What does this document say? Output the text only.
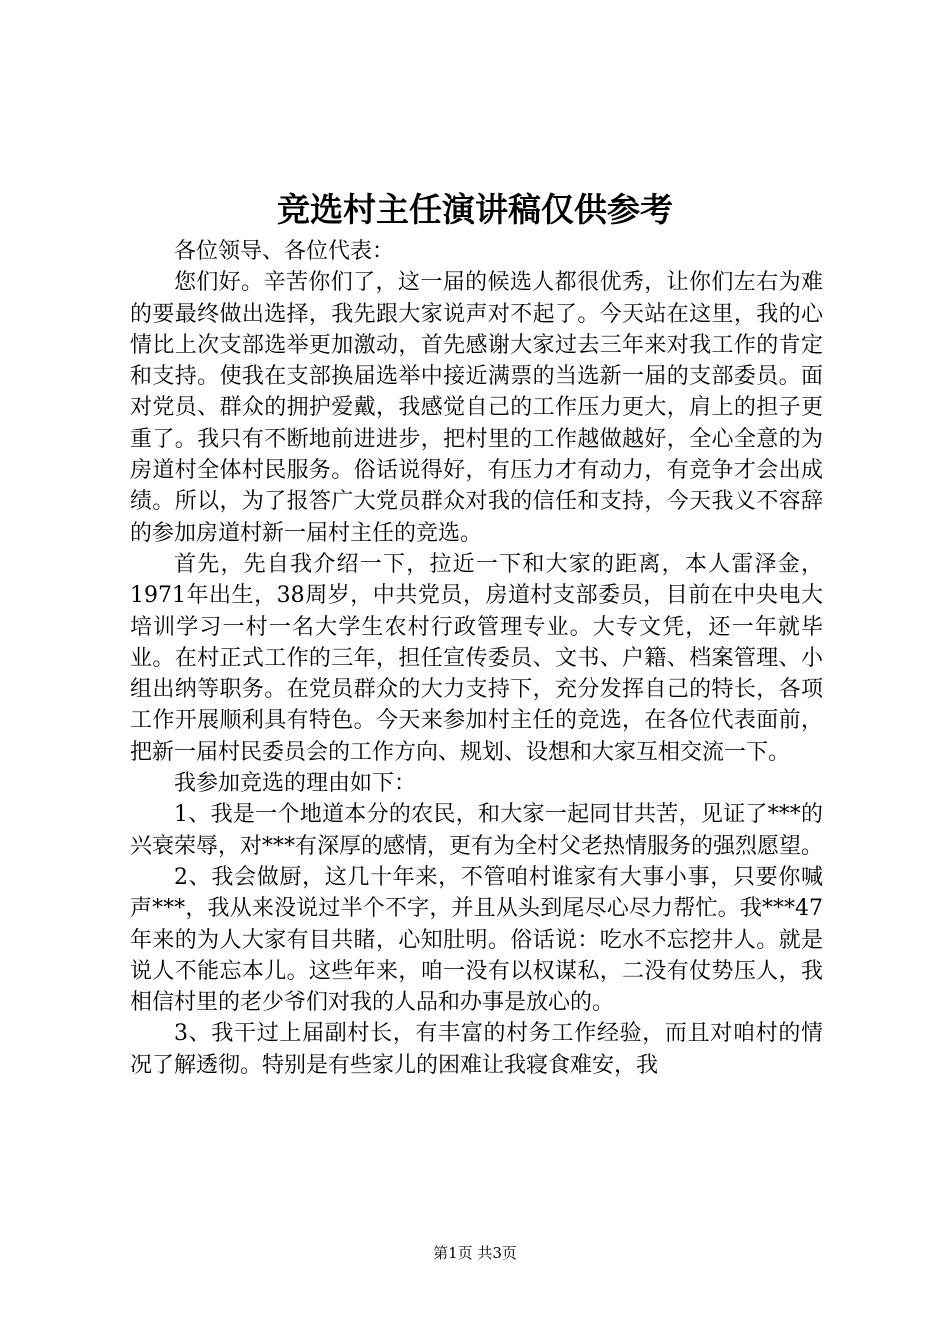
竞选村主任演讲稿仅供参考

各位领导、各位代表：

您们好。辛苦你们了，这一届的候选人都很优秀，让你们左右为难的要最终做出选择，我先跟大家说声对不起了。今天站在这里，我的心情比上次支部选举更加激动，首先感谢大家过去三年来对我工作的肯定和支持。使我在支部换届选举中接近满票的当选新一届的支部委员。面对党员、群众的拥护爱戴，我感觉自己的工作压力更大，肩上的担子更重了。我只有不断地前进进步，把村里的工作越做越好，全心全意的为房道村全体村民服务。俗话说得好，有压力才有动力，有竞争才会出成绩。所以，为了报答广大党员群众对我的信任和支持，今天我义不容辞的参加房道村新一届村主任的竞选。

首先，先自我介绍一下，拉近一下和大家的距离，本人雷泽金，1971年出生，38周岁，中共党员，房道村支部委员，目前在中央电大培训学习一村一名大学生农村行政管理专业。大专文凭，还一年就毕业。在村正式工作的三年，担任宣传委员、文书、户籍、档案管理、小组出纳等职务。在党员群众的大力支持下，充分发挥自己的特长，各项工作开展顺利具有特色。今天来参加村主任的竞选，在各位代表面前，把新一届村民委员会的工作方向、规划、设想和大家互相交流一下。

我参加竞选的理由如下：

1、我是一个地道本分的农民，和大家一起同甘共苦，见证了***的兴衰荣辱，对***有深厚的感情，更有为全村父老热情服务的强烈愿望。

2、我会做厨，这几十年来，不管咱村谁家有大事小事，只要你喊声***，我从来没说过半个不字，并且从头到尾尽心尽力帮忙。我***47年来的为人大家有目共睹，心知肚明。俗话说：吃水不忘挖井人。就是说人不能忘本儿。这些年来，咱一没有以权谋私，二没有仗势压人，我相信村里的老少爷们对我的人品和办事是放心的。

3、我干过上届副村长，有丰富的村务工作经验，而且对咱村的情况了解透彻。特别是有些家儿的困难让我寝食难安，我

第1页 共3页
